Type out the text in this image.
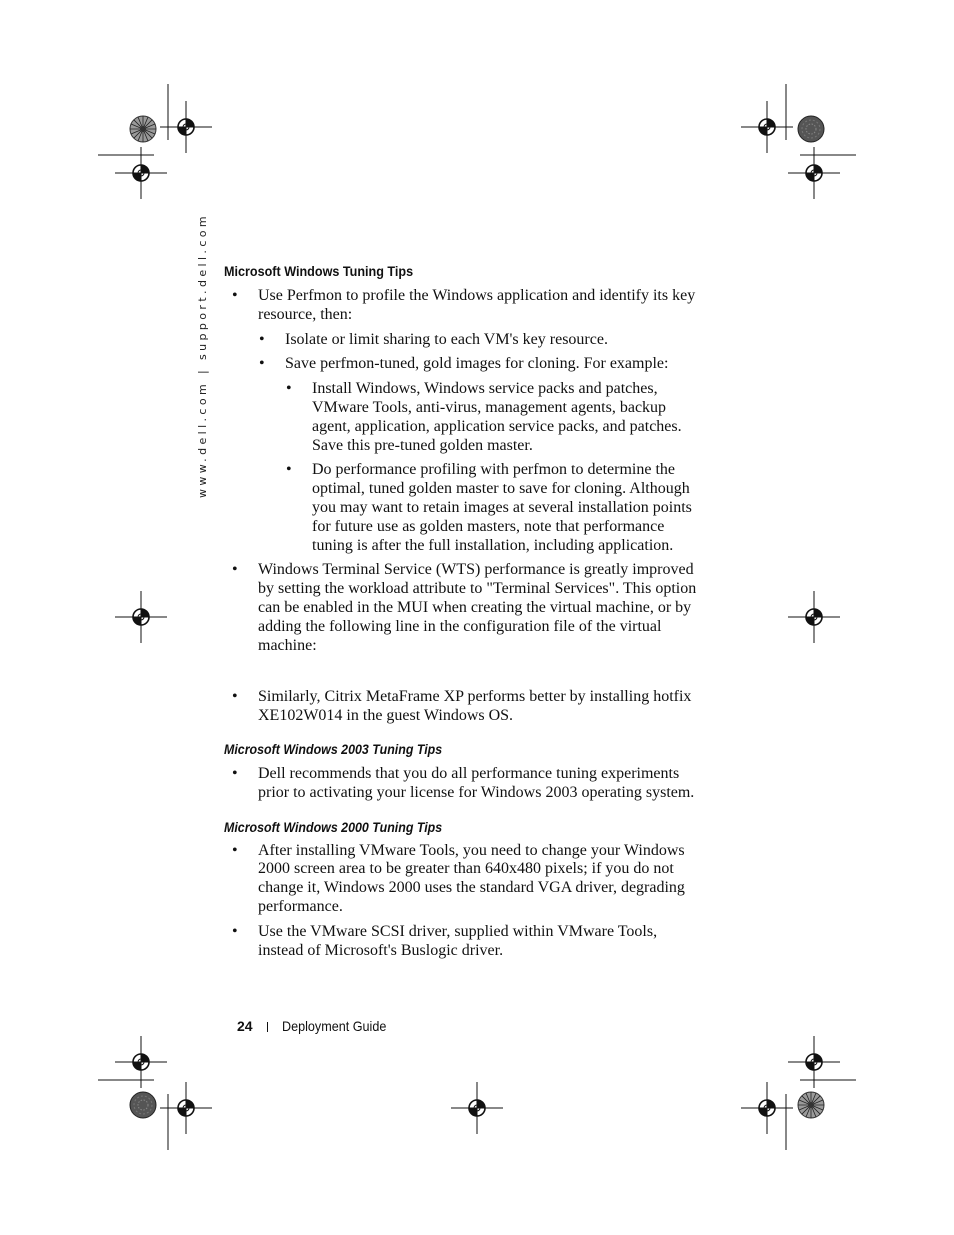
www.dell.com | support.dell.com Microsoft Windows Tuning Tips
• Use Perfmon to profile the Windows application and identify its key resource, then:
• Isolate or limit sharing to each VM's key resource.
• Save perfmon-tuned, gold images for cloning. For example:
• Install Windows, Windows service packs and patches, VMware Tools, anti-virus, management agents, backup agent, application, application service packs, and patches. Save this pre-tuned golden master.
• Do performance profiling with perfmon to determine the optimal, tuned golden master to save for cloning. Although you may want to retain images at several installation points for future use as golden masters, note that performance tuning is after the full installation, including application.
• Windows Terminal Service (WTS) performance is greatly improved by setting the workload attribute to "Terminal Services". This option can be enabled in the MUI when creating the virtual machine, or by adding the following line in the configuration file of the virtual machine:
• Similarly, Citrix MetaFrame XP performs better by installing hotfix XE102W014 in the guest Windows OS.
Microsoft Windows 2003 Tuning Tips
• Dell recommends that you do all performance tuning experiments prior to activating your license for Windows 2003 operating system.
Microsoft Windows 2000 Tuning Tips
• After installing VMware Tools, you need to change your Windows 2000 screen area to be greater than 640x480 pixels; if you do not change it, Windows 2000 uses the standard VGA driver, degrading performance.
• Use the VMware SCSI driver, supplied within VMware Tools, instead of Microsoft's Buslogic driver.
24 Deployment Guide
